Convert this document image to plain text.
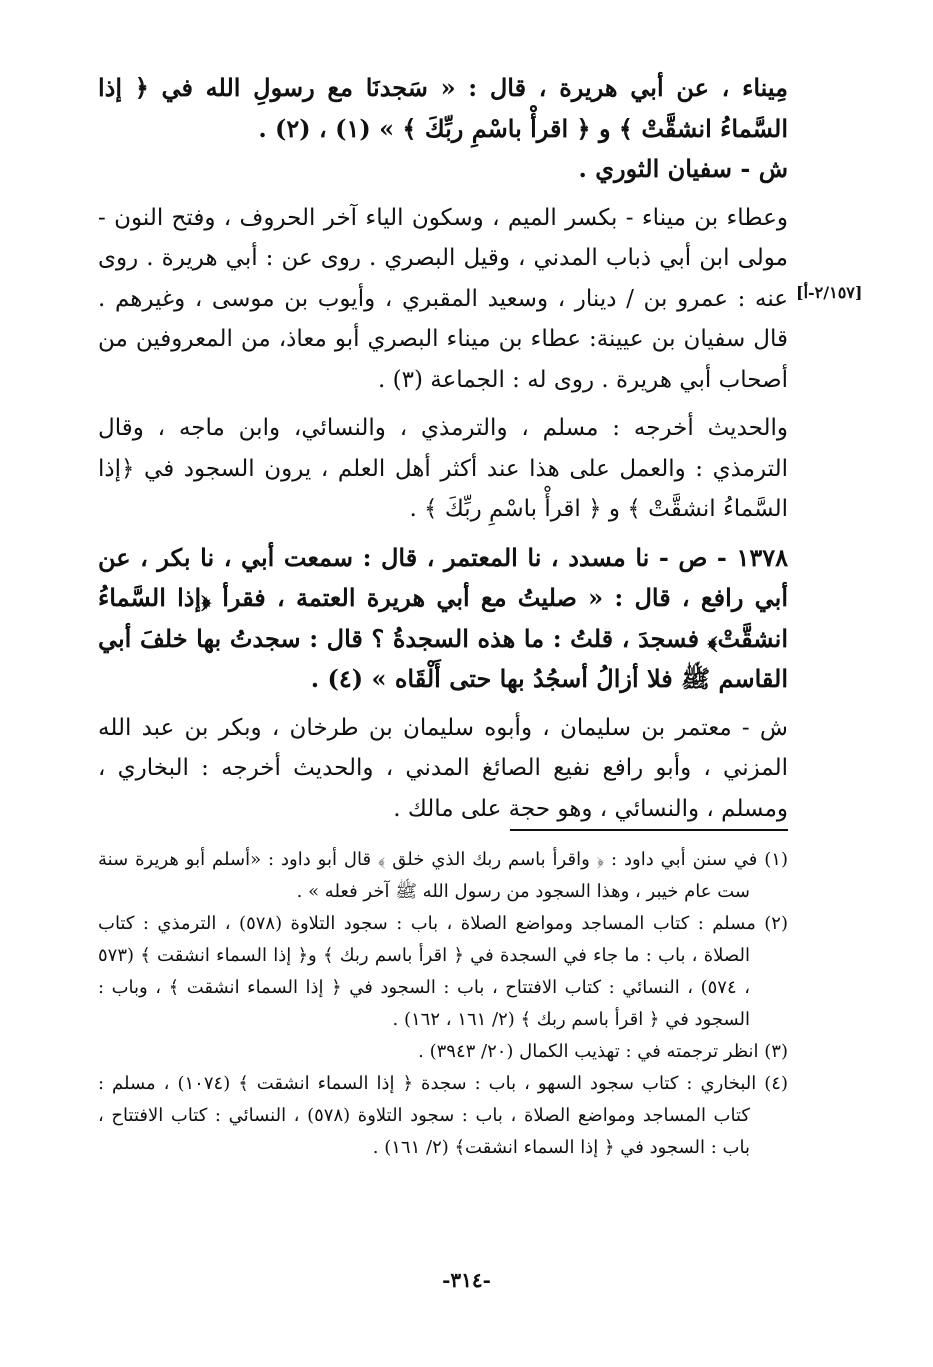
مِيناء ، عن أبي هريرة ، قال : « سَجدنَا مع رسولِ الله في ﴿ إذا السَّماءُ انشقَّتْ ﴾ و ﴿ اقرأْ باسْمِ ربِّكَ ﴾ » (١) ، (٢) .

ش - سفيان الثوري .

وعطاء بن ميناء - بكسر الميم ، وسكون الياء آخر الحروف ، وفتح النون - مولى ابن أبي ذباب المدني ، وقيل البصري . روى عن : أبي هريرة . روى عنه : عمرو بن / دينار ، وسعيد المقبري ، وأيوب بن موسى ، وغيرهم . قال سفيان بن عيينة: عطاء بن ميناء البصري أبو معاذ، من المعروفين من أصحاب أبي هريرة . روى له : الجماعة (٣) .

والحديث أخرجه : مسلم ، والترمذي ، والنسائي، وابن ماجه ، وقال الترمذي : والعمل على هذا عند أكثر أهل العلم ، يرون السجود في ﴿إذا السَّماءُ انشقَّتْ ﴾ و ﴿ اقرأْ باسْمِ ربِّكَ ﴾ .

١٣٧٨ - ص - نا مسدد ، نا المعتمر ، قال : سمعت أبي ، نا بكر ، عن أبي رافع ، قال : « صليتُ مع أبي هريرة العتمة ، فقرأ ﴿إذا السَّماءُ انشقَّتْ﴾ فسجدَ ، قلتُ : ما هذه السجدةُ ؟ قال : سجدتُ بها خلفَ أبي القاسم ﷺ فلا أزالُ أسجُدُ بها حتى أَلْقَاه » (٤) .

ش - معتمر بن سليمان ، وأبوه سليمان بن طرخان ، وبكر بن عبد الله المزني ، وأبو رافع نفيع الصائغ المدني ، والحديث أخرجه : البخاري ، ومسلم ، والنسائي ، وهو حجة على مالك .

[٢/١٥٧-أ]

(١) في سنن أبي داود : ﴿ واقرأ باسم ربك الذي خلق ﴾ قال أبو داود : «أسلم أبو هريرة سنة ست عام خيبر ، وهذا السجود من رسول الله ﷺ آخر فعله » .

(٢) مسلم : كتاب المساجد ومواضع الصلاة ، باب : سجود التلاوة (٥٧٨) ، الترمذي : كتاب الصلاة ، باب : ما جاء في السجدة في ﴿ اقرأ باسم ربك ﴾ و﴿ إذا السماء انشقت ﴾ (٥٧٣ ، ٥٧٤) ، النسائي : كتاب الافتتاح ، باب : السجود في ﴿ إذا السماء انشقت ﴾ ، وباب : السجود في ﴿ اقرأ باسم ربك ﴾ (٢/ ١٦١ ، ١٦٢) .

(٣) انظر ترجمته في : تهذيب الكمال (٢٠/ ٣٩٤٣) .

(٤) البخاري : كتاب سجود السهو ، باب : سجدة ﴿ إذا السماء انشقت ﴾ (١٠٧٤) ، مسلم : كتاب المساجد ومواضع الصلاة ، باب : سجود التلاوة (٥٧٨) ، النسائي : كتاب الافتتاح ، باب : السجود في ﴿ إذا السماء انشقت﴾ (٢/ ١٦١) .

-٣١٤-
